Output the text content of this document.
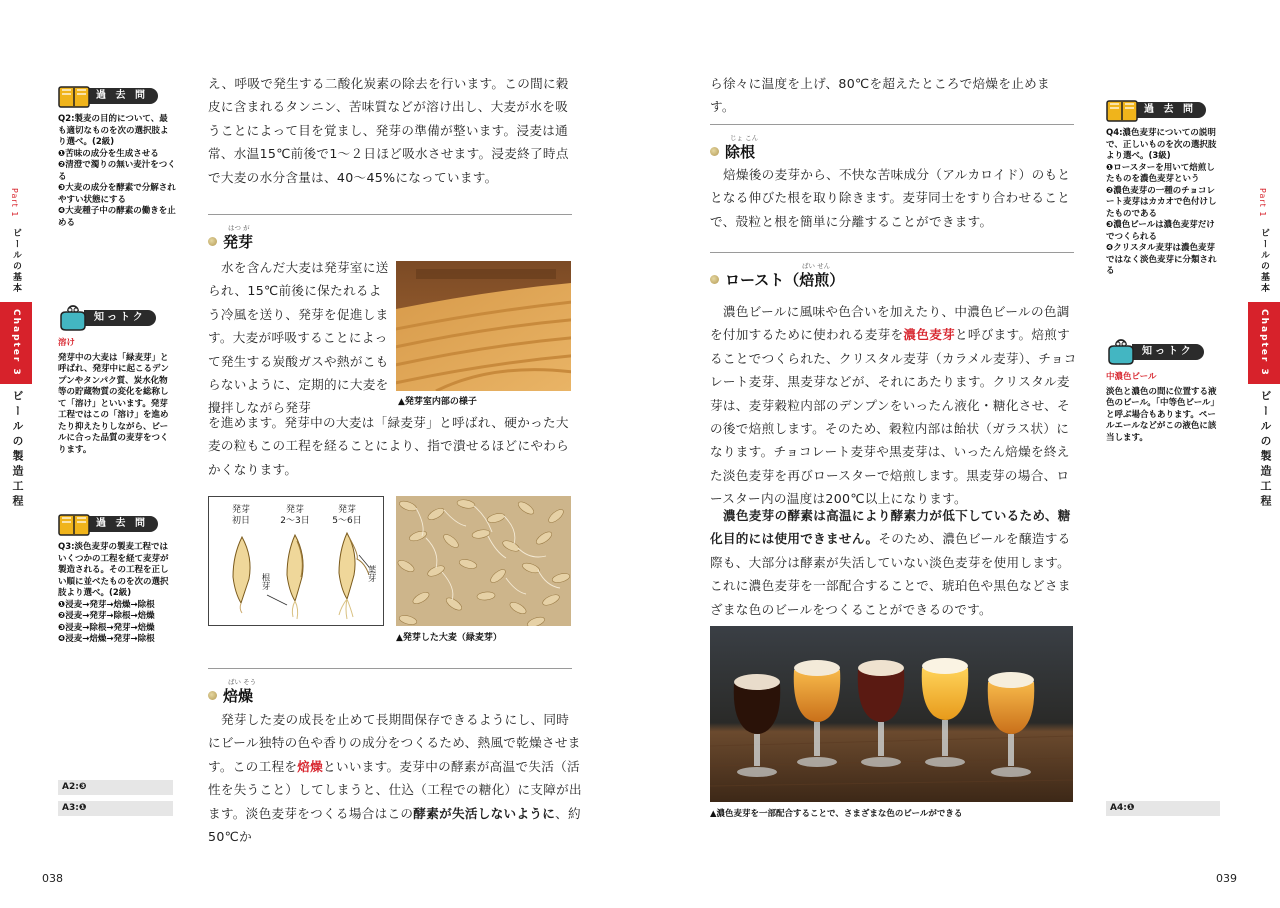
Part 1
ビールの基本
Chapter 3
ビールの製造工程
過 去 問
Q2:製麦の目的について、最も適切なものを次の選択肢より選べ。(2級)
❶苦味の成分を生成させる
❷清澄で濁りの無い麦汁をつくる
❸大麦の成分を酵素で分解されやすい状態にする
❹大麦種子中の酵素の働きを止める
知っトク
溶け
発芽中の大麦は「緑麦芽」と呼ばれ、発芽中に起こるデンプンやタンパク質、炭水化物等の貯蔵物質の変化を総称して「溶け」といいます。発芽工程ではこの「溶け」を進めたり抑えたりしながら、ビールに合った品質の麦芽をつくります。
過 去 問
Q3:淡色麦芽の製麦工程ではいくつかの工程を経て麦芽が製造される。その工程を正しい順に並べたものを次の選択肢より選べ。(2級)
❶浸麦→発芽→焙燥→除根
❷浸麦→発芽→除根→焙燥
❸浸麦→除根→発芽→焙燥
❹浸麦→焙燥→発芽→除根
A2:❸
A3:❶
え、呼吸で発生する二酸化炭素の除去を行います。この間に穀皮に含まれるタンニン、苦味質などが溶け出し、大麦が水を吸うことによって目を覚まし、発芽の準備が整います。浸麦は通常、水温15℃前後で1〜２日ほど吸水させます。浸麦終了時点で大麦の水分含量は、40〜45%になっています。
はつ が
発芽
水を含んだ大麦は発芽室に送られ、15℃前後に保たれるよう冷風を送り、発芽を促進します。大麦が呼吸することによって発生する炭酸ガスや熱がこもらないように、定期的に大麦を攪拌しながら発芽
を進めます。発芽中の大麦は「緑麦芽」と呼ばれ、硬かった大麦の粒もこの工程を経ることにより、指で潰せるほどにやわらかくなります。
▲発芽室内部の様子
発芽
初日
発芽
2〜3日
発芽
5〜6日
根芽	葉芽
▲発芽した大麦（緑麦芽）
ばい そう
焙燥
発芽した麦の成長を止めて長期間保存できるようにし、同時にビール独特の色や香りの成分をつくるため、熱風で乾燥させます。この工程を焙燥といいます。麦芽中の酵素が高温で失活（活性を失うこと）してしまうと、仕込（工程での糖化）に支障が出ます。淡色麦芽をつくる場合はこの酵素が失活しないように、約50℃か
038
ら徐々に温度を上げ、80℃を超えたところで焙燥を止めます。
じょ こん
除根
焙燥後の麦芽から、不快な苦味成分（アルカロイド）のもととなる伸びた根を取り除きます。麦芽同士をすり合わせることで、殻粒と根を簡単に分離することができます。
ばい せん
ロースト（焙煎）
濃色ビールに風味や色合いを加えたり、中濃色ビールの色調を付加するために使われる麦芽を濃色麦芽と呼びます。焙煎することでつくられた、クリスタル麦芽（カラメル麦芽）、チョコレート麦芽、黒麦芽などが、それにあたります。クリスタル麦芽は、麦芽穀粒内部のデンプンをいったん液化・糖化させ、その後で焙煎します。そのため、穀粒内部は飴状（ガラス状）になります。チョコレート麦芽や黒麦芽は、いったん焙燥を終えた淡色麦芽を再びロースターで焙煎します。黒麦芽の場合、ロースター内の温度は200℃以上になります。
濃色麦芽の酵素は高温により酵素力が低下しているため、糖化目的には使用できません。そのため、濃色ビールを醸造する際も、大部分は酵素が失活していない淡色麦芽を使用します。これに濃色麦芽を一部配合することで、琥珀色や黒色などさまざまな色のビールをつくることができるのです。
▲濃色麦芽を一部配合することで、さまざまな色のビールができる
過 去 問
Q4:濃色麦芽についての説明で、正しいものを次の選択肢より選べ。(3級)
❶ロースターを用いて焙煎したものを濃色麦芽という
❷濃色麦芽の一種のチョコレート麦芽はカカオで色付けしたものである
❸濃色ビールは濃色麦芽だけでつくられる
❹クリスタル麦芽は濃色麦芽ではなく淡色麦芽に分類される
知っトク
中濃色ビール
淡色と濃色の間に位置する液色のビール。「中等色ビール」と呼ぶ場合もあります。ペールエールなどがこの液色に該当します。
A4:❶
Part 1
ビールの基本
Chapter 3
ビールの製造工程
039
